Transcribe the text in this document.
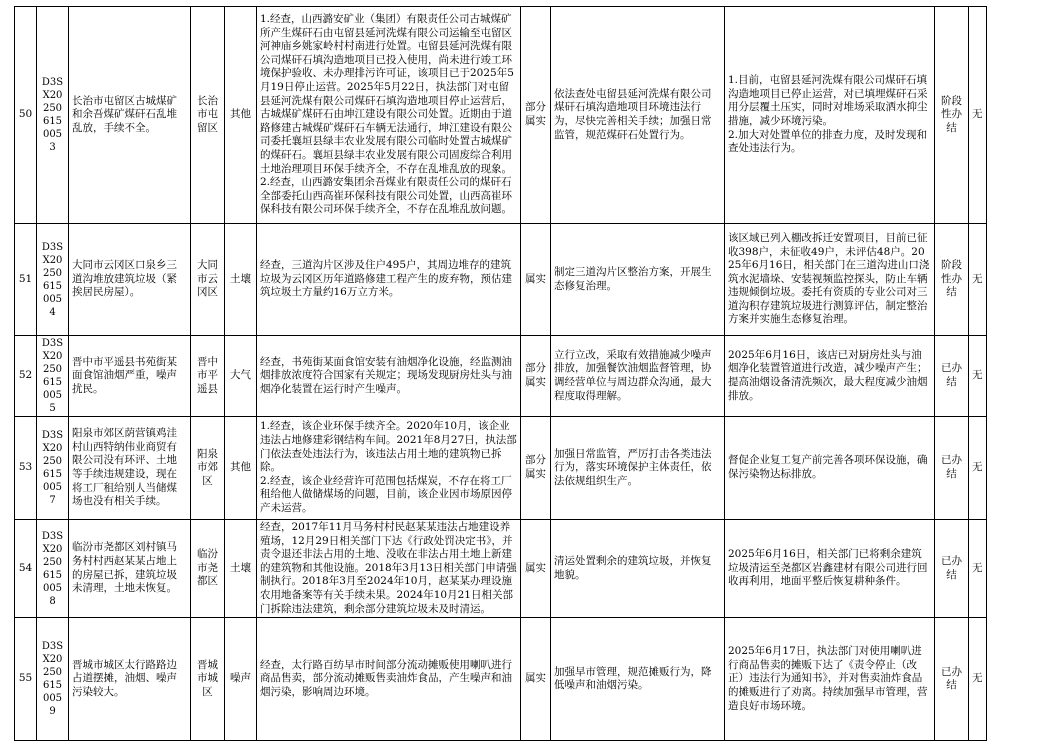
50	D3SX202506150053	长治市屯留区古城煤矿和余吾煤矿煤矸石乱堆乱放，手续不全。	长治市屯留区	其他	1.经查，山西潞安矿业（集团）有限责任公司古城煤矿所产生煤矸石由屯留县延河洗煤有限公司运输至屯留区河神庙乡姚家岭村村南进行处置。屯留县延河洗煤有限公司煤矸石填沟造地项目已投入使用，尚未进行竣工环境保护验收、未办理排污许可证，该项目已于2025年5月19日停止运营。2025年5月22日，执法部门对屯留县延河洗煤有限公司煤矸石填沟造地项目停止运营后，古城煤矿煤矸石由坤江建设有限公司处置。近期由于道路修建古城煤矿煤矸石车辆无法通行，坤江建设有限公司委托襄垣县绿丰农业发展有限公司临时处置古城煤矿的煤矸石。襄垣县绿丰农业发展有限公司固废综合利用土地治理项目环保手续齐全，不存在乱堆乱放的现象。
2.经查，山西潞安集团余吾煤业有限责任公司的煤矸石全部委托山西高崔环保科技有限公司处置，山西高崔环保科技有限公司环保手续齐全，不存在乱堆乱放问题。	部分属实	依法查处屯留县延河洗煤有限公司煤矸石填沟造地项目环境违法行为，尽快完善相关手续；加强日常监管，规范煤矸石处置行为。	1.目前，屯留县延河洗煤有限公司煤矸石填沟造地项目已停止运营，对已填埋煤矸石采用分层覆土压实，同时对堆场采取洒水抑尘措施，减少环境污染。
2.加大对处置单位的排查力度，及时发现和查处违法行为。	阶段性办结	无
51	D3SX202506150054	大同市云冈区口泉乡三道沟堆放建筑垃圾（紧挨居民房屋）。	大同市云冈区	土壤	经查，三道沟片区涉及住户495户，其周边堆存的建筑垃圾为云冈区历年道路修建工程产生的废弃物，预估建筑垃圾土方量约16万立方米。	属实	制定三道沟片区整治方案，开展生态修复治理。	该区域已列入棚改拆迁安置项目，目前已征收398户，未征收49户，未评估48户。2025年6月16日，相关部门在三道沟进山口浇筑水泥墙垛、安装视频监控探头，防止车辆违规倾倒垃圾。委托有资质的专业公司对三道沟积存建筑垃圾进行测算评估，制定整治方案并实施生态修复治理。	阶段性办结	无
52	D3SX202506150055	晋中市平遥县书苑街某面食馆油烟严重，噪声扰民。	晋中市平遥县	大气	经查，书苑街某面食馆安装有油烟净化设施，经监测油烟排放浓度符合国家有关规定；现场发现厨房灶头与油烟净化装置在运行时产生噪声。	部分属实	立行立改，采取有效措施减少噪声排放，加强餐饮油烟监督管理，协调经营单位与周边群众沟通，最大程度取得理解。	2025年6月16日，该店已对厨房灶头与油烟净化装置管道进行改造，减少噪声产生；提高油烟设备清洗频次，最大程度减少油烟排放。	已办结	无
53	D3SX202506150057	阳泉市郊区荫营镇鸡洼村山西特纳伟业商贸有限公司没有环评、土地等手续违规建设，现在将工厂租给别人当储煤场也没有相关手续。	阳泉市郊区	其他	1.经查，该企业环保手续齐全。2020年10月，该企业违法占地修建彩钢结构车间。2021年8月27日，执法部门依法查处违法行为，该违法占用土地的建筑物已拆除。
2.经查，该企业经营许可范围包括煤炭，不存在将工厂租给他人做储煤场的问题，目前，该企业因市场原因停产未运营。	部分属实	加强日常监管，严厉打击各类违法行为，落实环境保护主体责任，依法依规组织生产。	督促企业复工复产前完善各项环保设施，确保污染物达标排放。	已办结	无
54	D3SX202506150058	临汾市尧都区刘村镇马务村村西赵某某占地上的房屋已拆，建筑垃圾未清理，土地未恢复。	临汾市尧都区	土壤	经查，2017年11月马务村村民赵某某违法占地建设养殖场，12月29日相关部门下达《行政处罚决定书》，并责令退还非法占用的土地、没收在非法占用土地上新建的建筑物和其他设施。2018年3月13日相关部门申请强制执行。2018年3月至2024年10月，赵某某办理设施农用地备案等有关手续未果。2024年10月21日相关部门拆除违法建筑，剩余部分建筑垃圾未及时清运。	属实	清运处置剩余的建筑垃圾，并恢复地貌。	2025年6月16日，相关部门已将剩余建筑垃圾清运至尧都区岩鑫建材有限公司进行回收再利用，地面平整后恢复耕种条件。	已办结	无
55	D3SX202506150059	晋城市城区太行路路边占道摆摊，油烟、噪声污染较大。	晋城市城区	噪声	经查，太行路百纺早市时间部分流动摊贩使用喇叭进行商品售卖，部分流动摊贩售卖油炸食品，产生噪声和油烟污染，影响周边环境。	属实	加强早市管理，规范摊贩行为，降低噪声和油烟污染。	2025年6月17日，执法部门对使用喇叭进行商品售卖的摊贩下达了《责令停止（改正）违法行为通知书》，并对售卖油炸食品的摊贩进行了劝离。持续加强早市管理，营造良好市场环境。	已办结	无
